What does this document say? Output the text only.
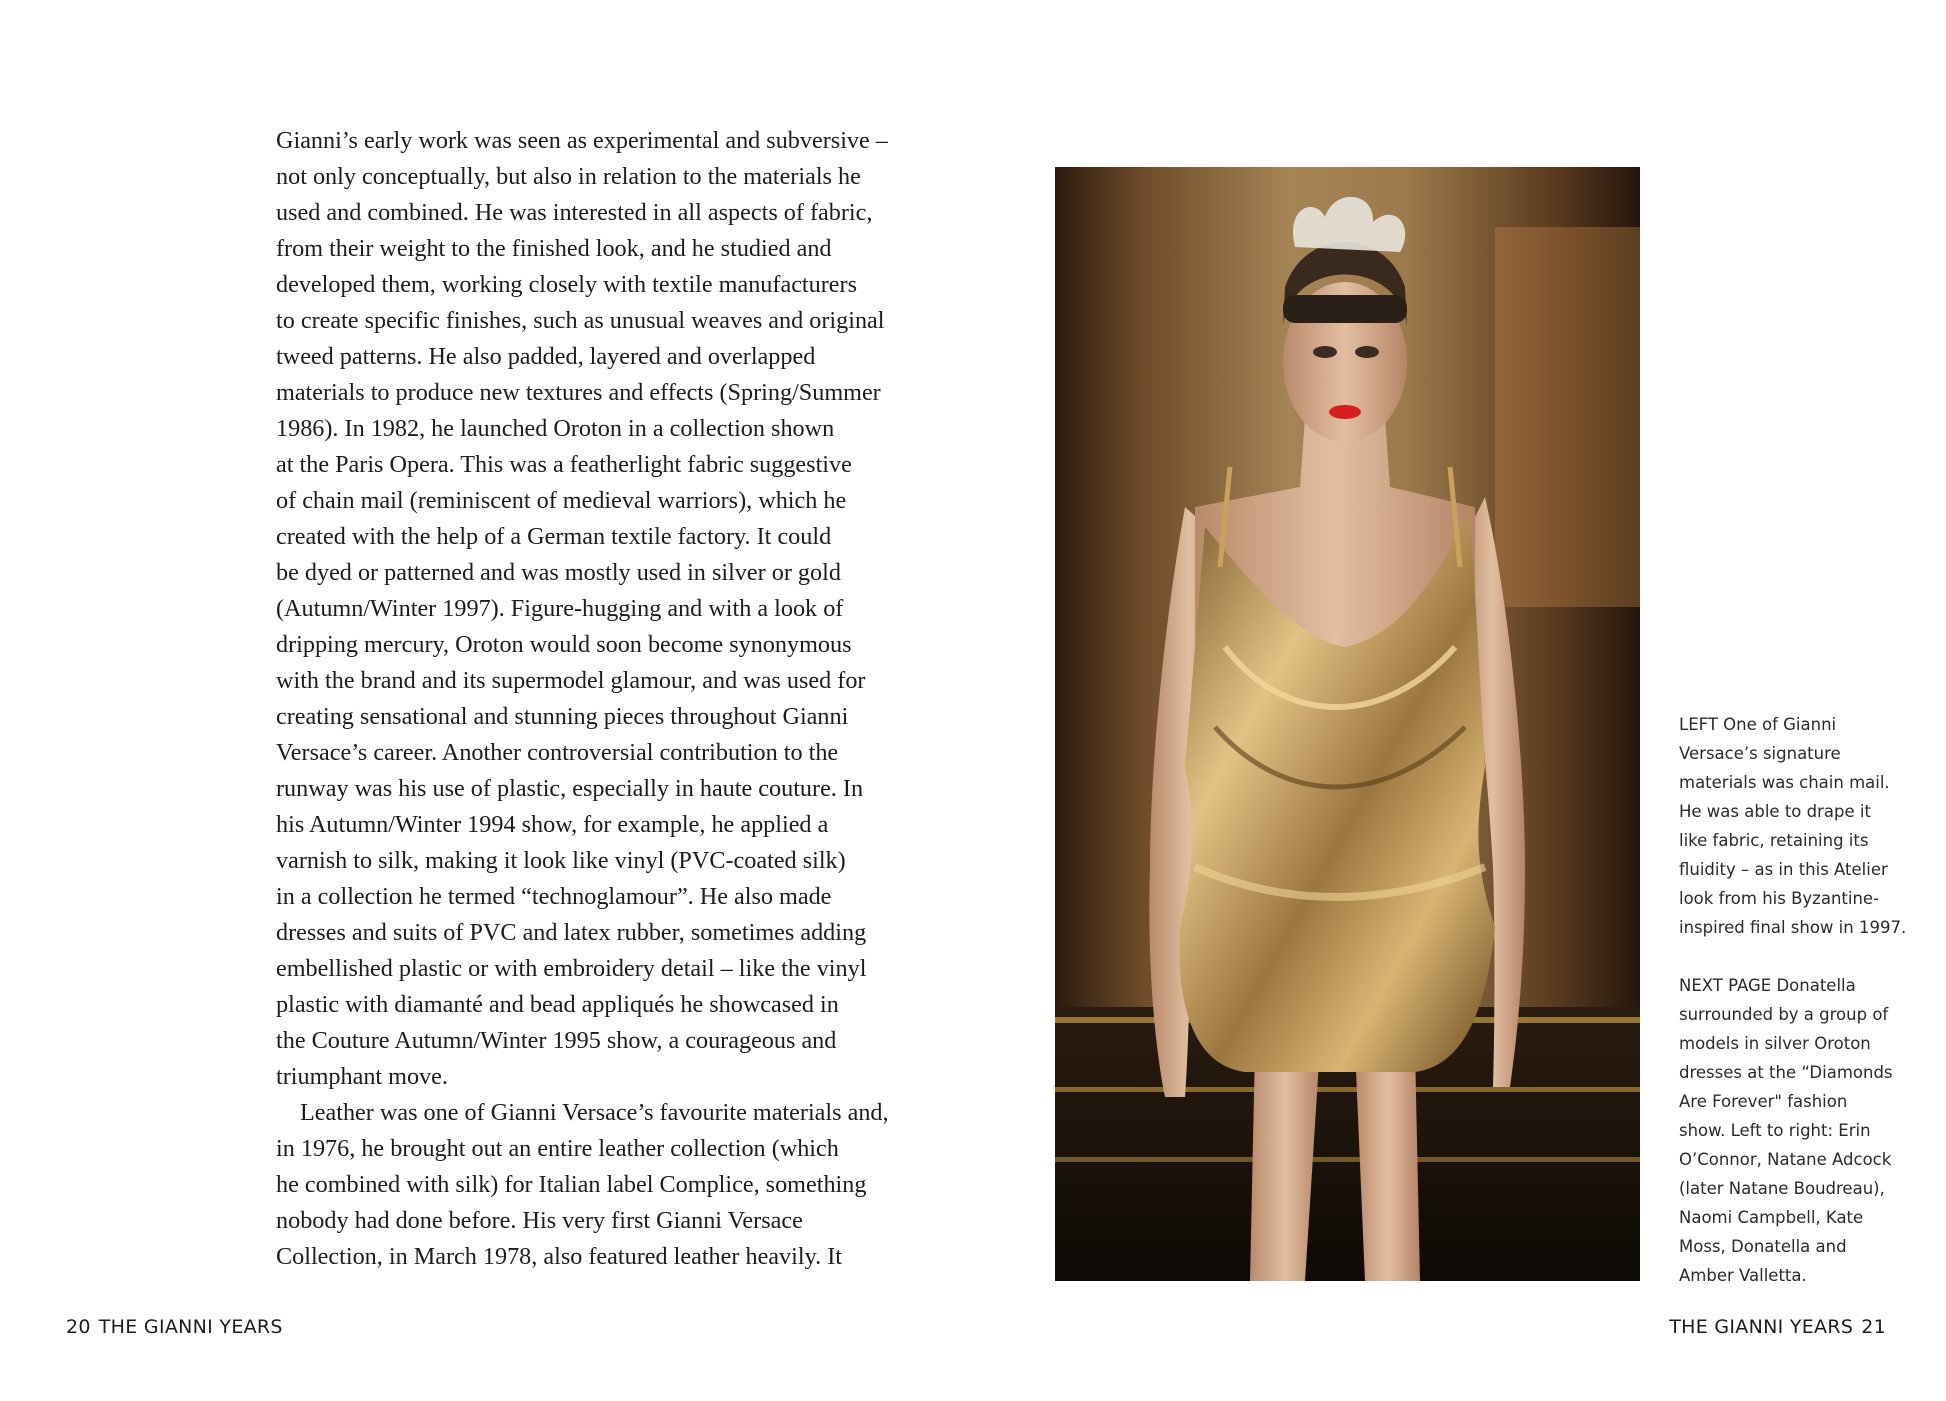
Gianni’s early work was seen as experimental and subversive –
not only conceptually, but also in relation to the materials he
used and combined. He was interested in all aspects of fabric,
from their weight to the finished look, and he studied and
developed them, working closely with textile manufacturers
to create specific finishes, such as unusual weaves and original
tweed patterns. He also padded, layered and overlapped
materials to produce new textures and effects (Spring/Summer
1986). In 1982, he launched Oroton in a collection shown
at the Paris Opera. This was a featherlight fabric suggestive
of chain mail (reminiscent of medieval warriors), which he
created with the help of a German textile factory. It could
be dyed or patterned and was mostly used in silver or gold
(Autumn/Winter 1997). Figure-hugging and with a look of
dripping mercury, Oroton would soon become synonymous
with the brand and its supermodel glamour, and was used for
creating sensational and stunning pieces throughout Gianni
Versace’s career. Another controversial contribution to the
runway was his use of plastic, especially in haute couture. In
his Autumn/Winter 1994 show, for example, he applied a
varnish to silk, making it look like vinyl (PVC-coated silk)
in a collection he termed “technoglamour”. He also made
dresses and suits of PVC and latex rubber, sometimes adding
embellished plastic or with embroidery detail – like the vinyl
plastic with diamanté and bead appliqués he showcased in
the Couture Autumn/Winter 1995 show, a courageous and
triumphant move.
Leather was one of Gianni Versace’s favourite materials and,
in 1976, he brought out an entire leather collection (which
he combined with silk) for Italian label Complice, something
nobody had done before. His very first Gianni Versace
Collection, in March 1978, also featured leather heavily. It
LEFT One of Gianni
Versace’s signature
materials was chain mail.
He was able to drape it
like fabric, retaining its
fluidity – as in this Atelier
look from his Byzantine-
inspired final show in 1997.
NEXT PAGE Donatella
surrounded by a group of
models in silver Oroton
dresses at the “Diamonds
Are Forever" fashion
show. Left to right: Erin
O’Connor, Natane Adcock
(later Natane Boudreau),
Naomi Campbell, Kate
Moss, Donatella and
Amber Valletta.
20 THE GIANNI YEARS	THE GIANNI YEARS 21
